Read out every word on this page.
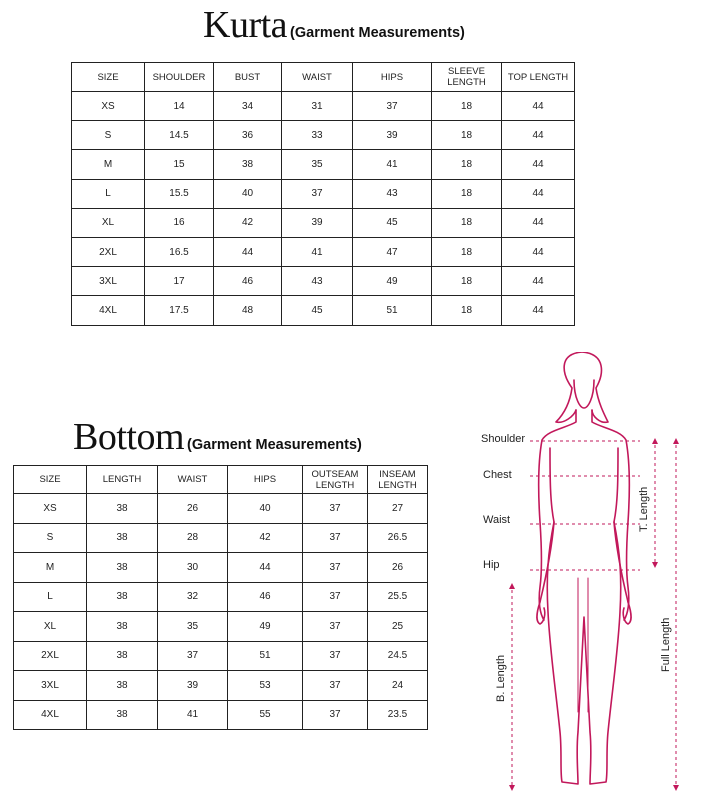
Kurta (Garment Measurements)
SIZE	SHOULDER	BUST	WAIST	HIPS	SLEEVE LENGTH	TOP LENGTH
XS	14	34	31	37	18	44
S	14.5	36	33	39	18	44
M	15	38	35	41	18	44
L	15.5	40	37	43	18	44
XL	16	42	39	45	18	44
2XL	16.5	44	41	47	18	44
3XL	17	46	43	49	18	44
4XL	17.5	48	45	51	18	44
Bottom (Garment Measurements)
SIZE	LENGTH	WAIST	HIPS	OUTSEAM LENGTH	INSEAM LENGTH
XS	38	26	40	37	27
S	38	28	42	37	26.5
M	38	30	44	37	26
L	38	32	46	37	25.5
XL	38	35	49	37	25
2XL	38	37	51	37	24.5
3XL	38	39	53	37	24
4XL	38	41	55	37	23.5
Shoulder
Chest
Waist
Hip
T. Length
Full Length
B. Length
